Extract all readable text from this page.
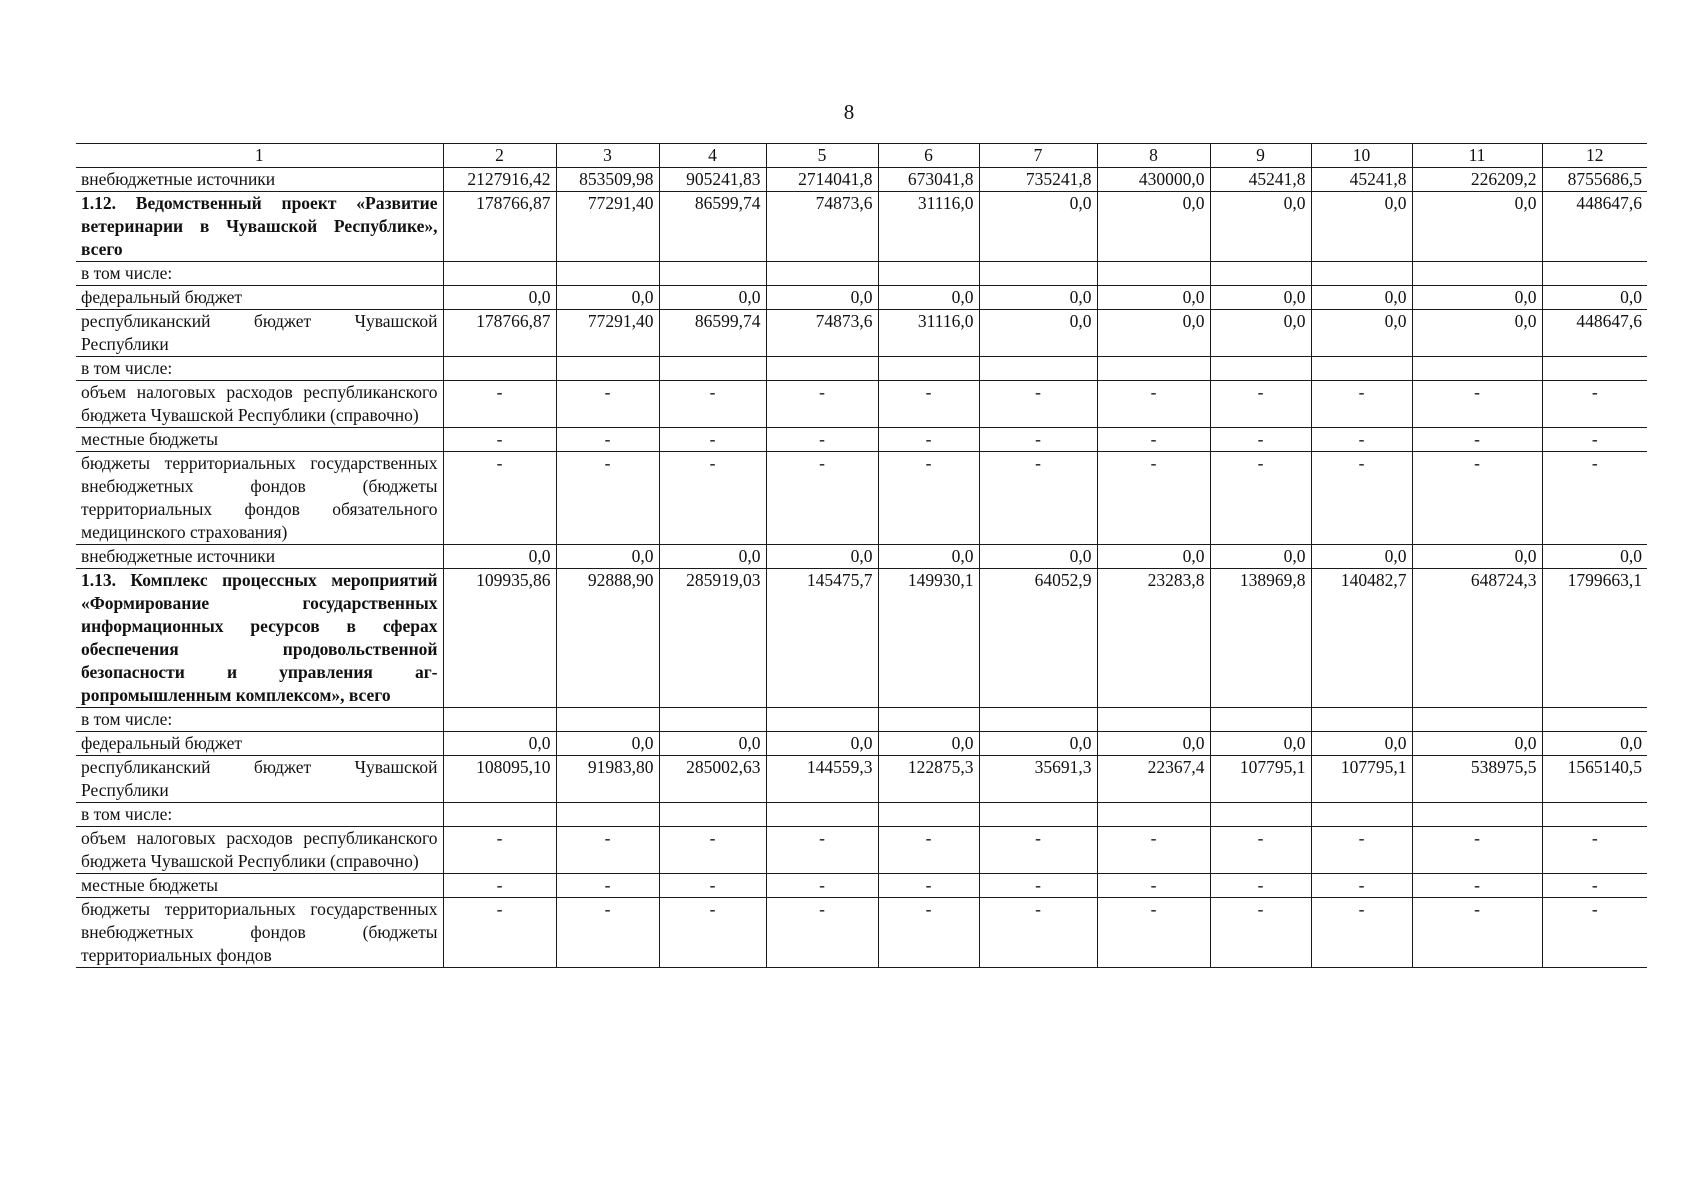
8
1	2	3	4	5	6	7	8	9	10	11	12
внебюджетные источники	2127916,42	853509,98	905241,83	2714041,8	673041,8	735241,8	430000,0	45241,8	45241,8	226209,2	8755686,5
1.12. Ведомственный проект «Развитие ветеринарии в Чувашской Республике», всего	178766,87	77291,40	86599,74	74873,6	31116,0	0,0	0,0	0,0	0,0	0,0	448647,6
в том числе:											
федеральный бюджет	0,0	0,0	0,0	0,0	0,0	0,0	0,0	0,0	0,0	0,0	0,0
республиканский бюджет Чувашской Республики	178766,87	77291,40	86599,74	74873,6	31116,0	0,0	0,0	0,0	0,0	0,0	448647,6
в том числе:											
объем налоговых расходов республиканского бюджета Чувашской Республики (справочно)	-	-	-	-	-	-	-	-	-	-	-
местные бюджеты	-	-	-	-	-	-	-	-	-	-	-
бюджеты территориальных государственных внебюджетных фондов (бюджеты территориальных фондов обязательного медицинского страхования)	-	-	-	-	-	-	-	-	-	-	-
внебюджетные источники	0,0	0,0	0,0	0,0	0,0	0,0	0,0	0,0	0,0	0,0	0,0
1.13. Комплекс процессных мероприятий «Формирование государственных информационных ресурсов в сферах обеспечения продовольственной безопасности и управления агропромышленным комплексом», всего	109935,86	92888,90	285919,03	145475,7	149930,1	64052,9	23283,8	138969,8	140482,7	648724,3	1799663,1
в том числе:											
федеральный бюджет	0,0	0,0	0,0	0,0	0,0	0,0	0,0	0,0	0,0	0,0	0,0
республиканский бюджет Чувашской Республики	108095,10	91983,80	285002,63	144559,3	122875,3	35691,3	22367,4	107795,1	107795,1	538975,5	1565140,5
в том числе:											
объем налоговых расходов республиканского бюджета Чувашской Республики (справочно)	-	-	-	-	-	-	-	-	-	-	-
местные бюджеты	-	-	-	-	-	-	-	-	-	-	-
бюджеты территориальных государственных внебюджетных фондов (бюджеты территориальных фондов	-	-	-	-	-	-	-	-	-	-	-
